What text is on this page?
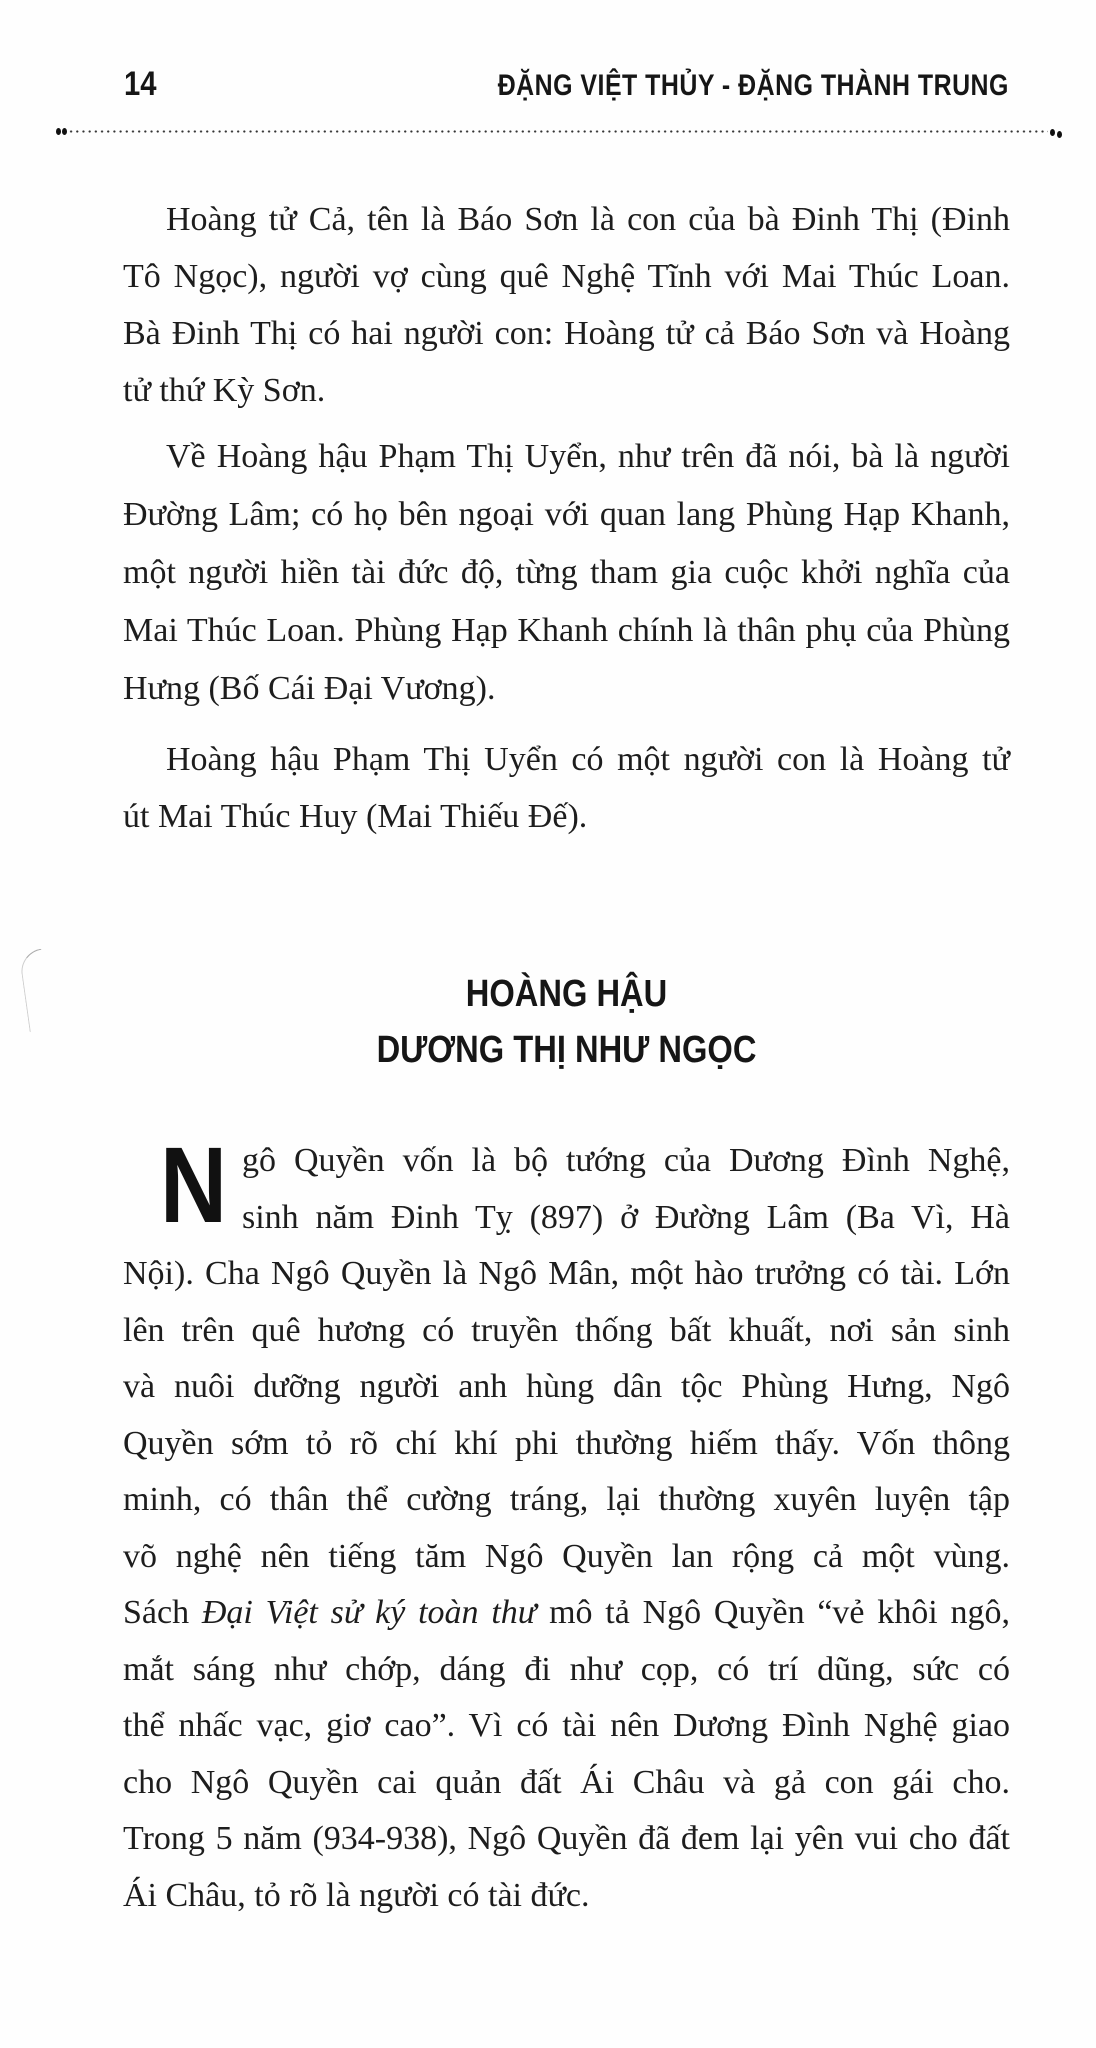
14	ĐẶNG VIỆT THỦY - ĐẶNG THÀNH TRUNG
Hoàng tử Cả, tên là Báo Sơn là con của bà Đinh Thị (Đinh
Tô Ngọc), người vợ cùng quê Nghệ Tĩnh với Mai Thúc Loan.
Bà Đinh Thị có hai người con: Hoàng tử cả Báo Sơn và Hoàng
tử thứ Kỳ Sơn.
Về Hoàng hậu Phạm Thị Uyển, như trên đã nói, bà là người
Đường Lâm; có họ bên ngoại với quan lang Phùng Hạp Khanh,
một người hiền tài đức độ, từng tham gia cuộc khởi nghĩa của
Mai Thúc Loan. Phùng Hạp Khanh chính là thân phụ của Phùng
Hưng (Bố Cái Đại Vương).
Hoàng hậu Phạm Thị Uyển có một người con là Hoàng tử
út Mai Thúc Huy (Mai Thiếu Đế).
HOÀNG HẬU
DƯƠNG THỊ NHƯ NGỌC
N gô Quyền vốn là bộ tướng của Dương Đình Nghệ,
sinh năm Đinh Tỵ (897) ở Đường Lâm (Ba Vì, Hà
Nội). Cha Ngô Quyền là Ngô Mân, một hào trưởng có tài. Lớn
lên trên quê hương có truyền thống bất khuất, nơi sản sinh
và nuôi dưỡng người anh hùng dân tộc Phùng Hưng, Ngô
Quyền sớm tỏ rõ chí khí phi thường hiếm thấy. Vốn thông
minh, có thân thể cường tráng, lại thường xuyên luyện tập
võ nghệ nên tiếng tăm Ngô Quyền lan rộng cả một vùng.
Sách Đại Việt sử ký toàn thư mô tả Ngô Quyền “vẻ khôi ngô,
mắt sáng như chớp, dáng đi như cọp, có trí dũng, sức có
thể nhấc vạc, giơ cao”. Vì có tài nên Dương Đình Nghệ giao
cho Ngô Quyền cai quản đất Ái Châu và gả con gái cho.
Trong 5 năm (934-938), Ngô Quyền đã đem lại yên vui cho đất
Ái Châu, tỏ rõ là người có tài đức.
